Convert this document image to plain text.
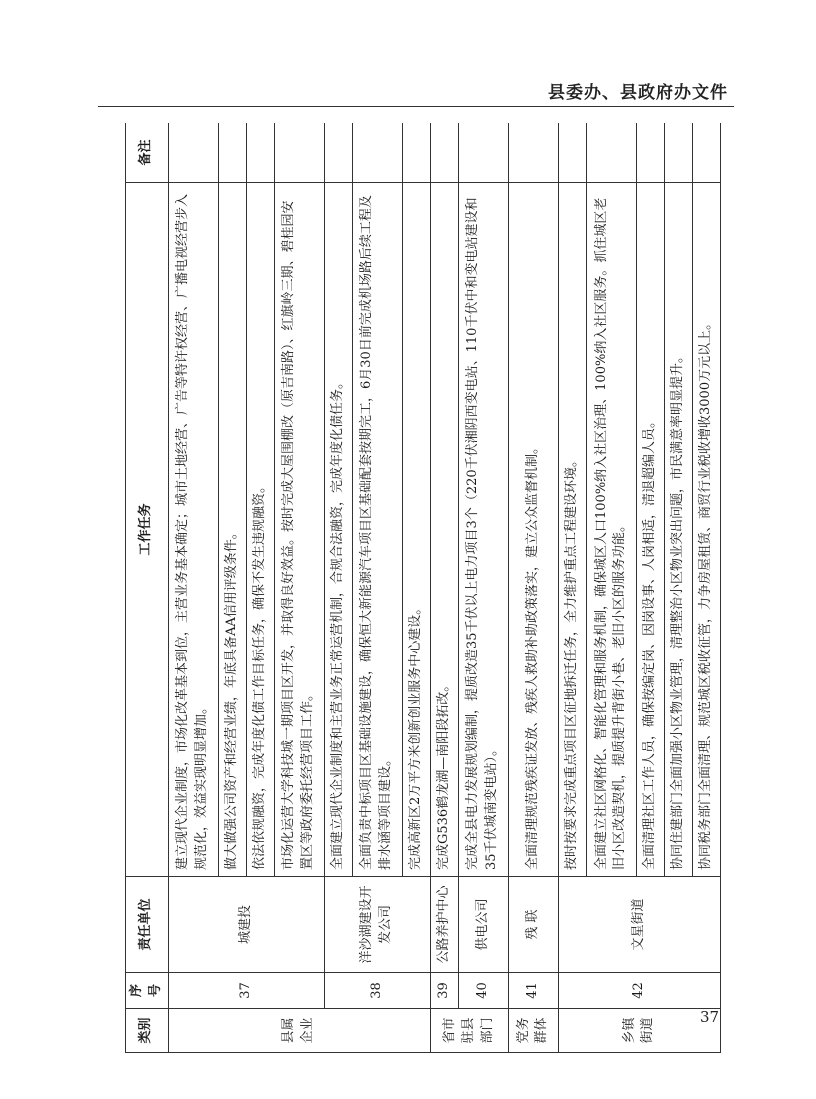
县委办、县政府办文件
类别	序号	责任单位	工作任务	备注
县属企业	37	城建投	建立现代企业制度，市场化改革基本到位，主营业务基本确定；城市土地经营、广告等特许权经营、广播电视经营步入规范化，效益实现明显增加。	
			做大做强公司资产和经营业绩，年底具备AA信用评级条件。	
			依法依规融资，完成年度化债工作目标任务，确保不发生违规融资。	
			市场化运营大学科技城一期项目区开发，并取得良好效益。按时完成大屋围棚改（原吉南路）、红旗岭三期、碧桂园安置区等政府委托经营项目工作。	
	38	洋沙湖建设开发公司	全面建立现代企业制度和主营业务正常运营机制，合规合法融资，完成年度化债任务。	
			全面负责中标项目区基础设施建设，确保恒大新能源汽车项目区基础配套按期完工，6月30日前完成机场路后续工程及排水涵等项目建设。	
			完成高新区2万平方米创新创业服务中心建设。	
省市驻县部门	39	公路养护中心	完成G536鹤龙湖—南阳段拓改。	
	40	供电公司	完成全县电力发展规划编制，提质改造35千伏以上电力项目3个（220千伏湘阴西变电站、110千伏中和变电站建设和35千伏城南变电站）。	
党务群体	41	残 联	全面清理规范残疾证发放、残疾人救助补助政策落实，建立公众监督机制。	
乡镇街道	42	文星街道	按时按要求完成重点项目区征地拆迁任务，全力维护重点工程建设环境。	
			全面建立社区网格化、智能化管理和服务机制，确保城区人口100%纳入社区治理、100%纳入社区服务。抓住城区老旧小区改造契机，提质提升背街小巷、老旧小区的服务功能。	
			全面清理社区工作人员，确保按编定岗、因岗设事、人岗相适，清退超编人员。	
			协同住建部门全面加强小区物业管理，清理整治小区物业突出问题，市民满意率明显提升。	
			协同税务部门全面清理、规范城区税收征管，力争房屋租赁、商贸行业税收增收3000万元以上。	
37
